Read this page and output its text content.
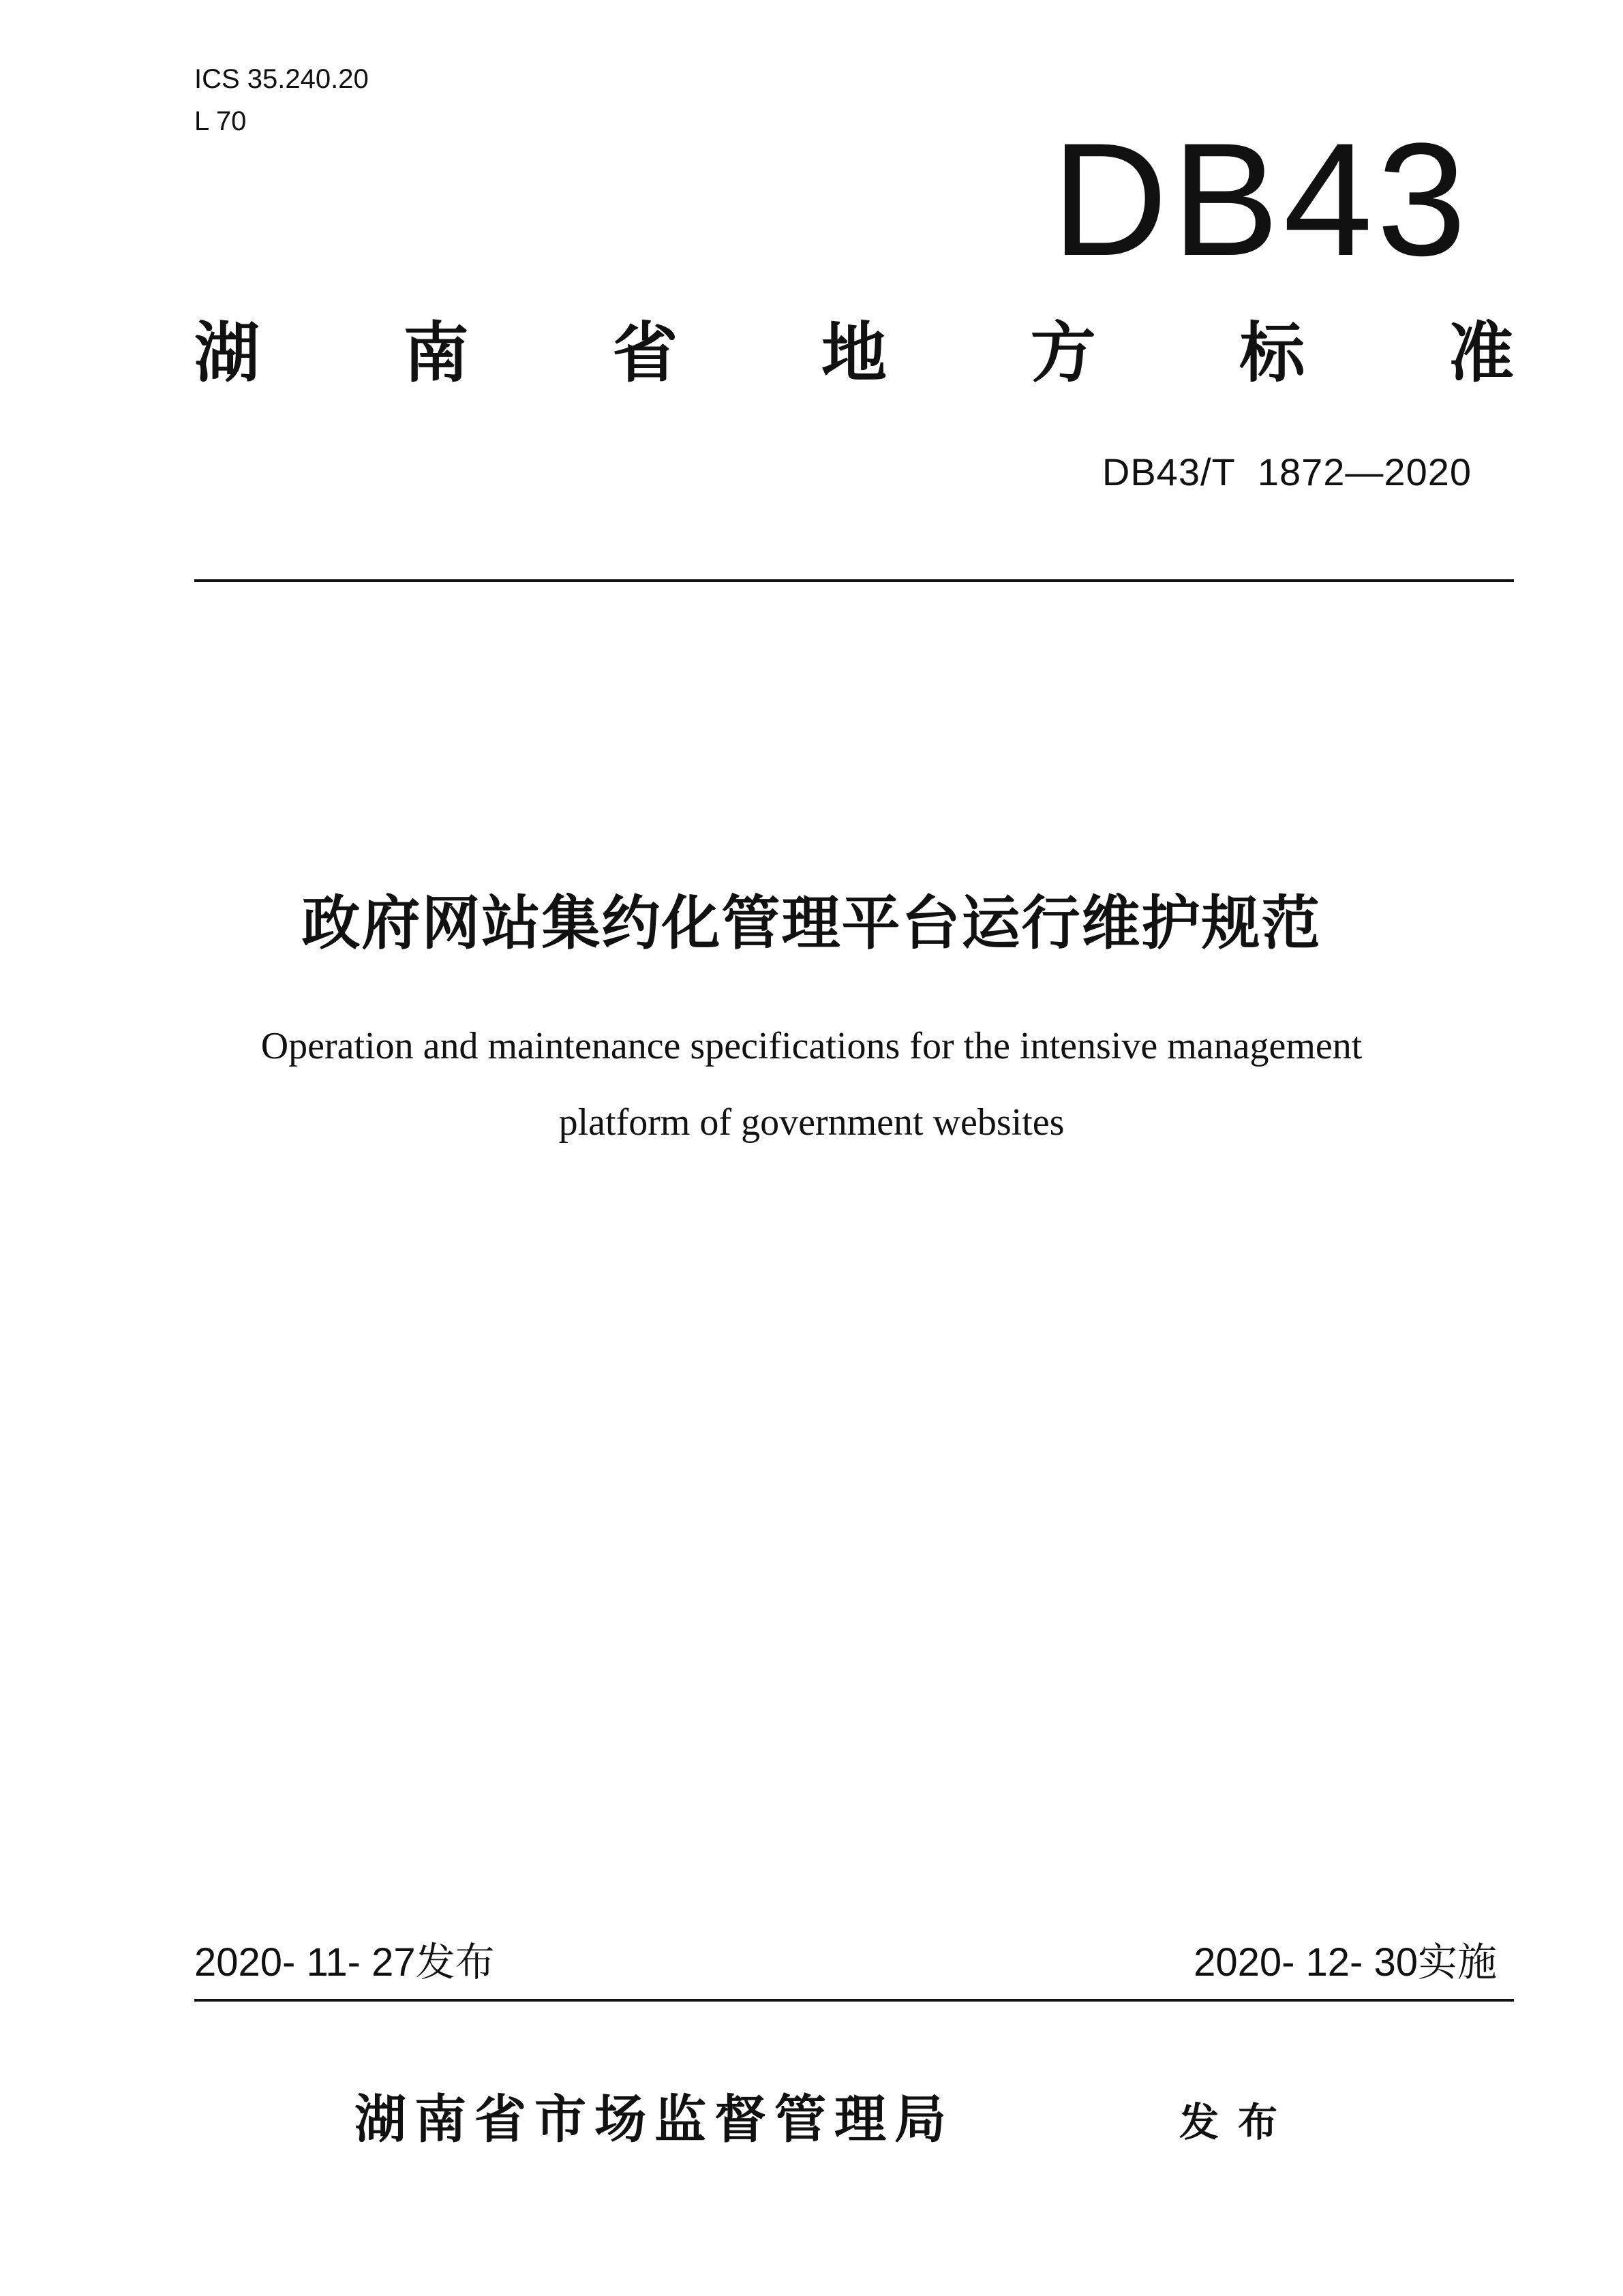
ICS 35.240.20
L 70	DB43
湖 南 省 地 方 标 准
DB43/T  1872—2020
政府网站集约化管理平台运行维护规范
Operation and maintenance specifications for the intensive management
platform of government websites
2020- 11- 27发布	2020- 12- 30实施
湖南省市场监督管理局	发布
